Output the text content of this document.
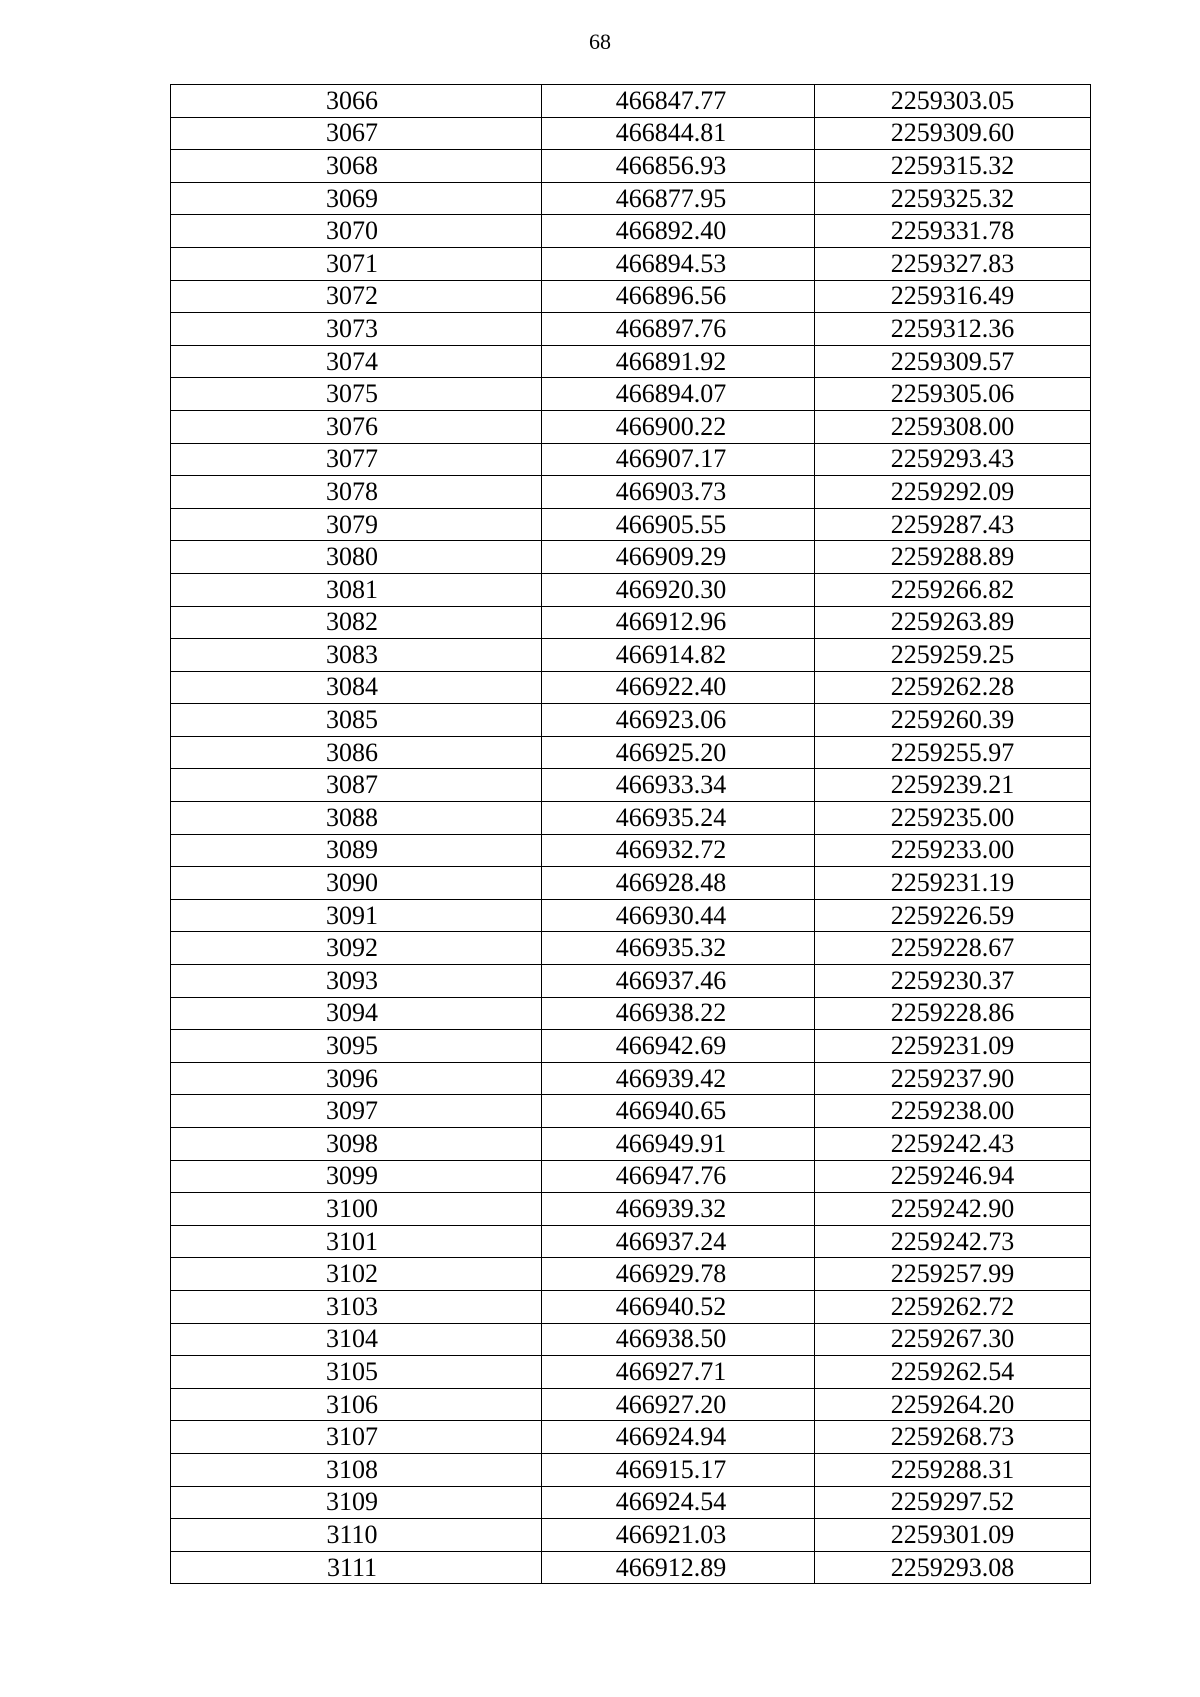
68
3066	466847.77	2259303.05
3067	466844.81	2259309.60
3068	466856.93	2259315.32
3069	466877.95	2259325.32
3070	466892.40	2259331.78
3071	466894.53	2259327.83
3072	466896.56	2259316.49
3073	466897.76	2259312.36
3074	466891.92	2259309.57
3075	466894.07	2259305.06
3076	466900.22	2259308.00
3077	466907.17	2259293.43
3078	466903.73	2259292.09
3079	466905.55	2259287.43
3080	466909.29	2259288.89
3081	466920.30	2259266.82
3082	466912.96	2259263.89
3083	466914.82	2259259.25
3084	466922.40	2259262.28
3085	466923.06	2259260.39
3086	466925.20	2259255.97
3087	466933.34	2259239.21
3088	466935.24	2259235.00
3089	466932.72	2259233.00
3090	466928.48	2259231.19
3091	466930.44	2259226.59
3092	466935.32	2259228.67
3093	466937.46	2259230.37
3094	466938.22	2259228.86
3095	466942.69	2259231.09
3096	466939.42	2259237.90
3097	466940.65	2259238.00
3098	466949.91	2259242.43
3099	466947.76	2259246.94
3100	466939.32	2259242.90
3101	466937.24	2259242.73
3102	466929.78	2259257.99
3103	466940.52	2259262.72
3104	466938.50	2259267.30
3105	466927.71	2259262.54
3106	466927.20	2259264.20
3107	466924.94	2259268.73
3108	466915.17	2259288.31
3109	466924.54	2259297.52
3110	466921.03	2259301.09
3111	466912.89	2259293.08
